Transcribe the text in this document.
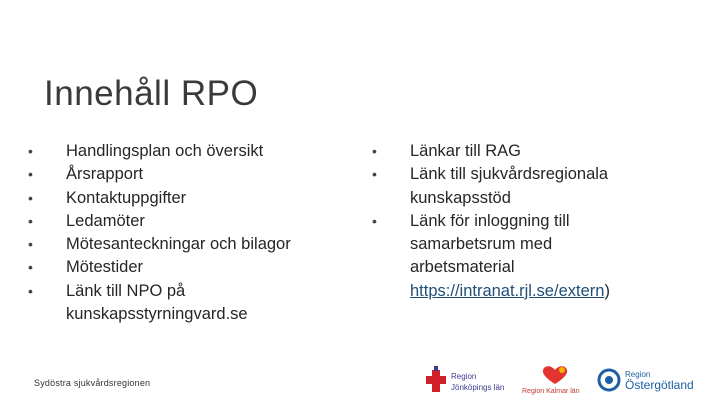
Innehåll RPO
• Handlingsplan och översikt
• Årsrapport
• Kontaktuppgifter
• Ledamöter
• Mötesanteckningar och bilagor
• Mötestider
• Länk till NPO på
kunskapsstyrningvard.se
• Länkar till RAG
• Länk till sjukvårdsregionala
kunskapsstöd
• Länk för inloggning till
samarbetsrum med
arbetsmaterial
https://intranat.rjl.se/extern)
Sydöstra sjukvårdsregionen
Region
Jönköpings län	Region Kalmar län
Region
Östergötland
